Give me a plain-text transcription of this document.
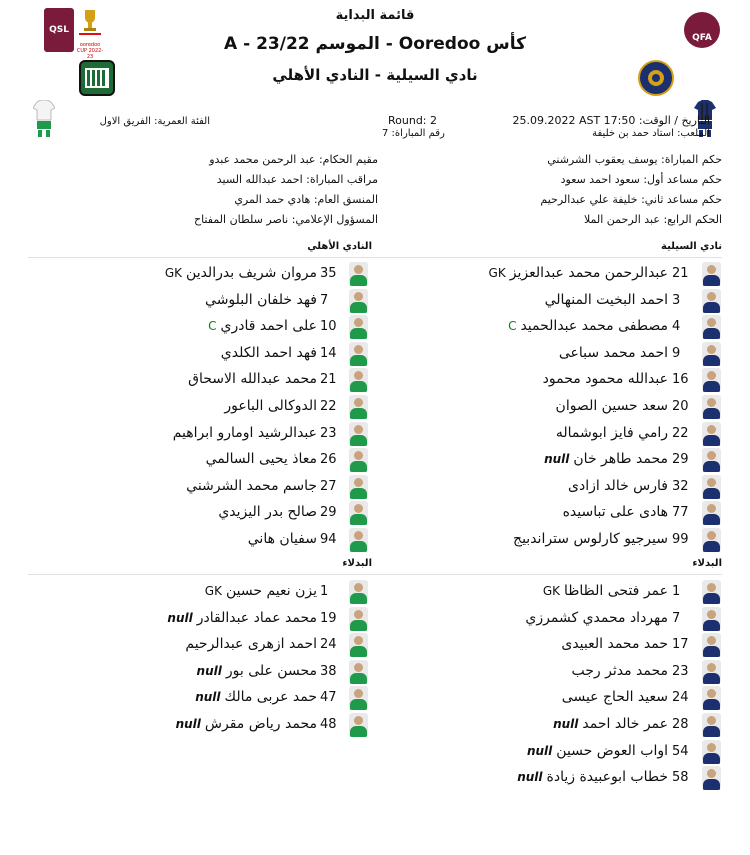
قائمة البداية
كأس Ooredoo - الموسم 23/22 - A
نادي السيلية - النادي الأهلي
QSL
ooredoo CUP 2022-23
QFA
التاريخ / الوقت: 25.09.2022 AST 17:50
الملعب: استاد حمد بن خليفة
Round: 2
رقم المباراة: 7
الفئة العمرية: الفريق الاول
حكم المباراة: يوسف يعقوب الشرشني
حكم مساعد أول: سعود احمد سعود
حكم مساعد ثاني: خليفة علي عبدالرحيم
الحكم الرابع: عبد الرحمن الملا
مقيم الحكام: عبد الرحمن محمد عبدو
مراقب المباراة: احمد عبدالله السيد
المنسق العام: هادي حمد المري
المسؤول الإعلامي: ناصر سلطان المفتاح
نادي السيلية
النادي الأهلي
21
عبدالرحمن محمد عبدالعزيزGK
3
احمد البخيت المنهالي
4
مصطفى محمد عبدالحميدC
9
احمد محمد سباعى
16
عبدالله محمود محمود
20
سعد حسين الصوان
22
رامي فايز ابوشماله
29
محمد طاهر خانnull
32
فارس خالد ازادى
77
هادى على تباسيده
99
سيرجيو كارلوس ستراندبيج
35
مروان شريف بدرالدينGK
7
فهد خلفان البلوشي
10
على احمد قادريC
14
فهد احمد الكلدي
21
محمد عبدالله الاسحاق
22
الدوكالى الباعور
23
عبدالرشيد اومارو ابراهيم
26
معاذ يحيى السالمي
27
جاسم محمد الشرشني
29
صالح بدر اليزيدي
94
سفيان هاني
البدلاء
البدلاء
1
عمر فتحى الظاظاGK
7
مهرداد محمدي كشمرزي
17
حمد محمد العبيدى
23
محمد مدثر رجب
24
سعيد الحاج عيسى
28
عمر خالد احمدnull
54
اواب العوض حسينnull
58
خطاب ابوعبيدة زيادةnull
1
يزن نعيم حسينGK
19
محمد عماد عبدالقادرnull
24
احمد ازهرى عبدالرحيم
38
محسن على بورnull
47
حمد عربى مالكnull
48
محمد رياض مقرشnull
